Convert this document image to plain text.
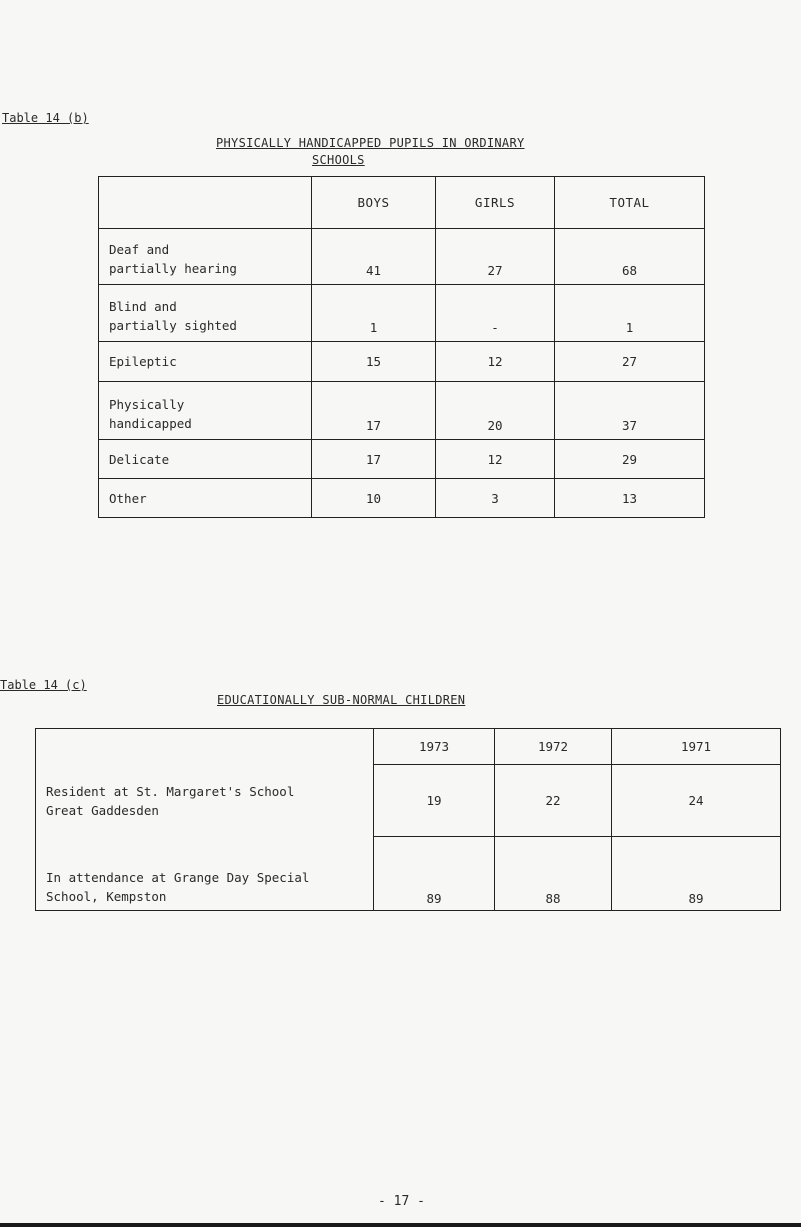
Table 14 (b)
PHYSICALLY HANDICAPPED PUPILS IN ORDINARY
SCHOOLS
	BOYS	GIRLS	TOTAL
Deaf and
partially hearing	41	27	68
Blind and
partially sighted	1	-	1
Epileptic	15	12	27
Physically
handicapped	17	20	37
Delicate	17	12	29
Other	10	3	13
Table 14 (c)
EDUCATIONALLY SUB-NORMAL CHILDREN
	1973	1972	1971
Resident at St. Margaret's School
Great Gaddesden	19	22	24
In attendance at Grange Day Special
School, Kempston	89	88	89
- 17 -
